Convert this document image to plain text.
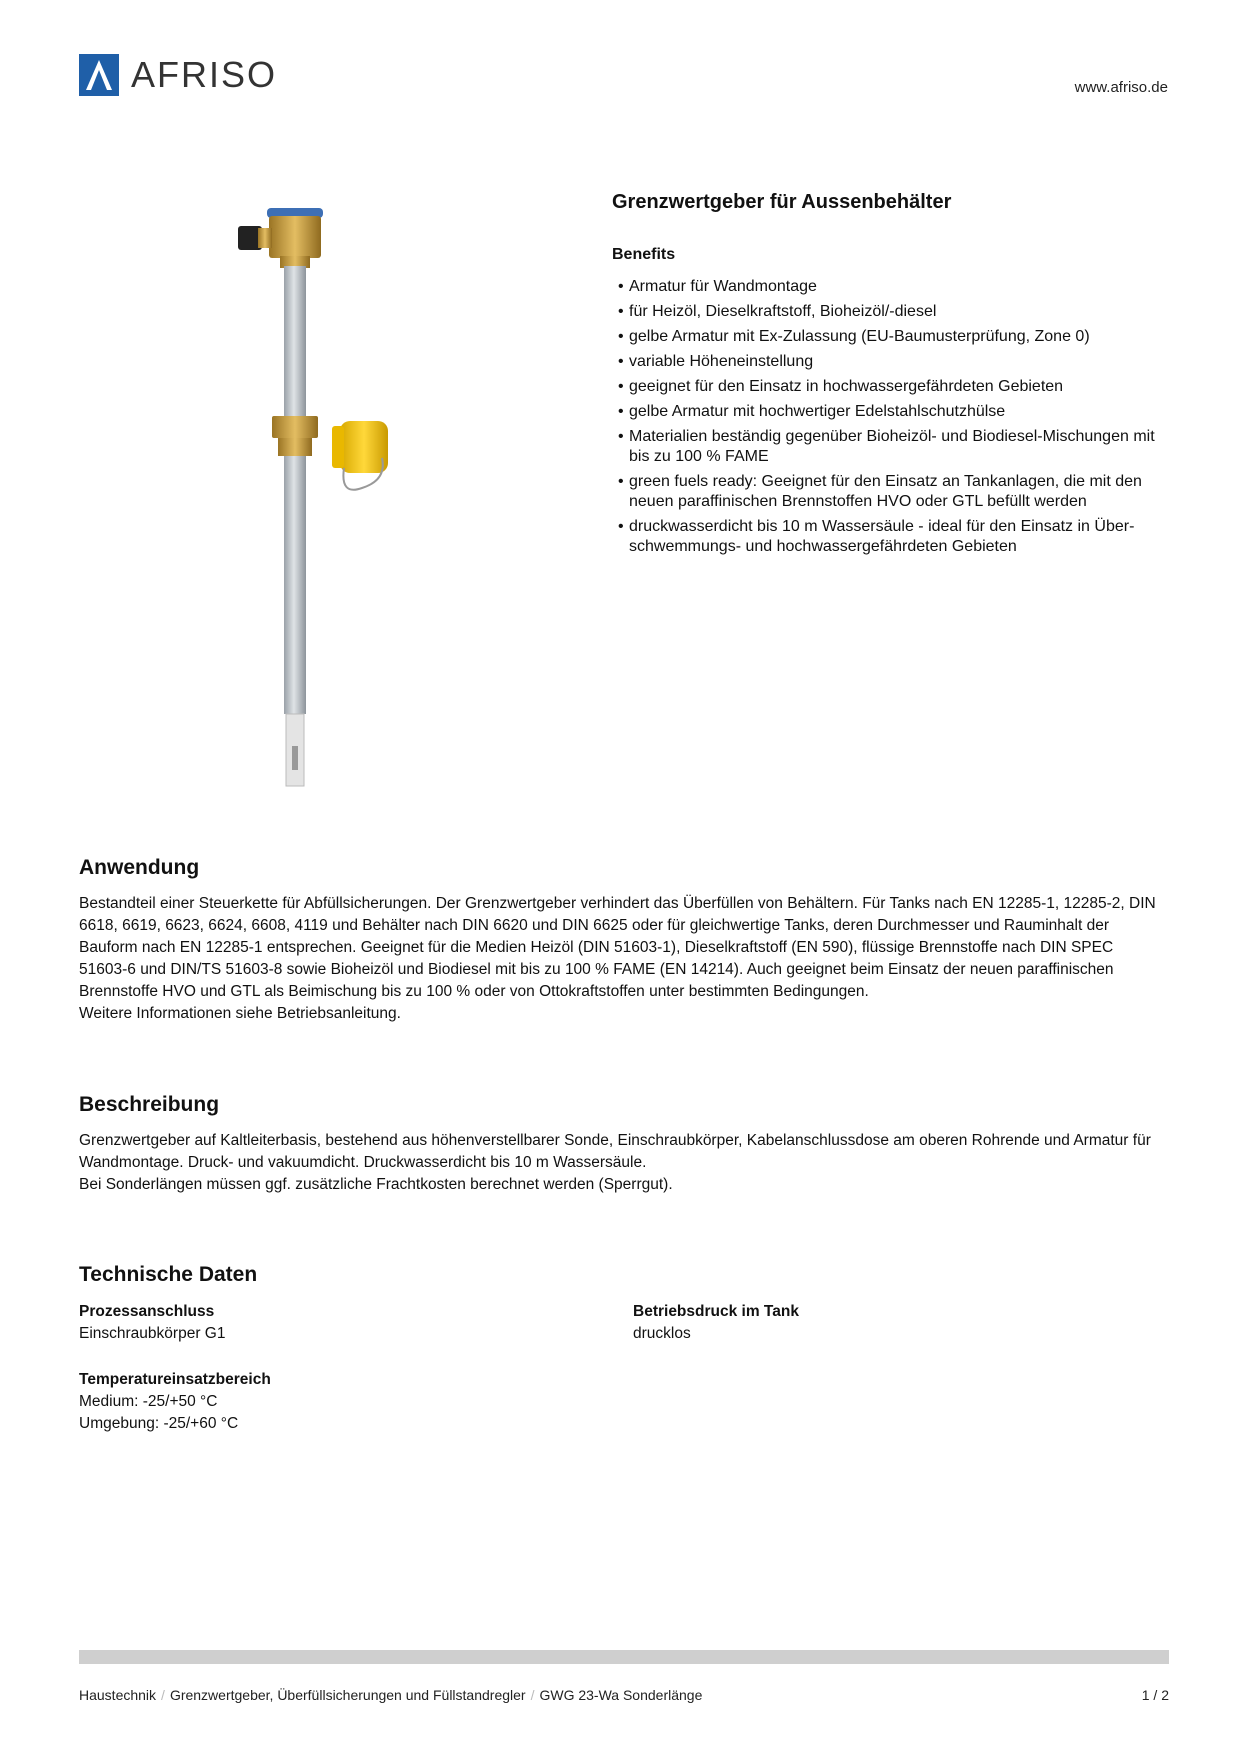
AFRISO	www.afriso.de
Grenzwertgeber für Aussenbehälter
Benefits
• Armatur für Wandmontage
• für Heizöl, Dieselkraftstoff, Bioheizöl/-diesel
• gelbe Armatur mit Ex-Zulassung (EU-Baumusterprüfung, Zone 0)
• variable Höheneinstellung
• geeignet für den Einsatz in hochwassergefährdeten Gebieten
• gelbe Armatur mit hochwertiger Edelstahlschutzhülse
• Materialien beständig gegenüber Bioheizöl- und Biodiesel-Mischungen mit bis zu 100 % FAME
• green fuels ready: Geeignet für den Einsatz an Tankanlagen, die mit den neuen paraffinischen Brennstoffen HVO oder GTL befüllt werden
• druckwasserdicht bis 10 m Wassersäule - ideal für den Einsatz in Überschwemmungs- und hochwassergefährdeten Gebieten
Anwendung

Bestandteil einer Steuerkette für Abfüllsicherungen. Der Grenzwertgeber verhindert das Überfüllen von Behältern. Für Tanks nach EN 12285-1, 12285-2, DIN 6618, 6619, 6623, 6624, 6608, 4119 und Behälter nach DIN 6620 und DIN 6625 oder für gleichwertige Tanks, deren Durchmesser und Rauminhalt der Bauform nach EN 12285-1 entsprechen. Geeignet für die Medien Heizöl (DIN 51603-1), Dieselkraftstoff (EN 590), flüssige Brennstoffe nach DIN SPEC 51603-6 und DIN/TS 51603-8 sowie Bioheizöl und Biodiesel mit bis zu 100 % FAME (EN 14214). Auch geeignet beim Einsatz der neuen paraffinischen Brennstoffe HVO und GTL als Beimischung bis zu 100 % oder von Ottokraftstoffen unter bestimmten Bedingungen.

Weitere Informationen siehe Betriebsanleitung.

Beschreibung

Grenzwertgeber auf Kaltleiterbasis, bestehend aus höhenverstellbarer Sonde, Einschraubkörper, Kabelanschlussdose am oberen Rohrende und Armatur für Wandmontage. Druck- und vakuumdicht. Druckwasserdicht bis 10 m Wassersäule.

Bei Sonderlängen müssen ggf. zusätzliche Frachtkosten berechnet werden (Sperrgut).

Technische Daten
Prozessanschluss
Einschraubkörper G1
Betriebsdruck im Tank
drucklos
Temperatureinsatzbereich
Medium: -25/+50 °C
Umgebung: -25/+60 °C
Haustechnik / Grenzwertgeber, Überfüllsicherungen und Füllstandregler / GWG 23-Wa Sonderlänge	1 / 2
